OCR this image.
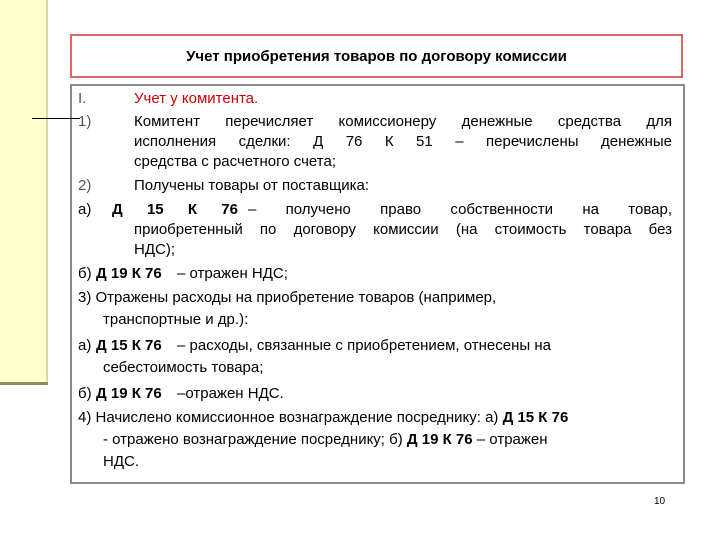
Учет приобретения товаров по договору комиссии
I.	Учет у комитента.
1)	Комитент перечисляет комиссионеру денежные средства для
исполнения сделки: Д 76 К 51 – перечислены денежные
средства с расчетного счета;
2)	Получены товары от поставщика:
а) Д 15 К 76 – получено право собственности на товар,
приобретенный по договору комиссии (на стоимость товара без
НДС);
б) Д 19 К 76 – отражен НДС;
3) Отражены расходы на приобретение товаров (например,
транспортные и др.):
а) Д 15 К 76 – расходы, связанные с приобретением, отнесены на
себестоимость товара;
б) Д 19 К 76 –отражен НДС.
4) Начислено комиссионное вознаграждение посреднику: а) Д 15 К 76
- отражено вознаграждение посреднику; б) Д 19 К 76 – отражен
НДС.
10
